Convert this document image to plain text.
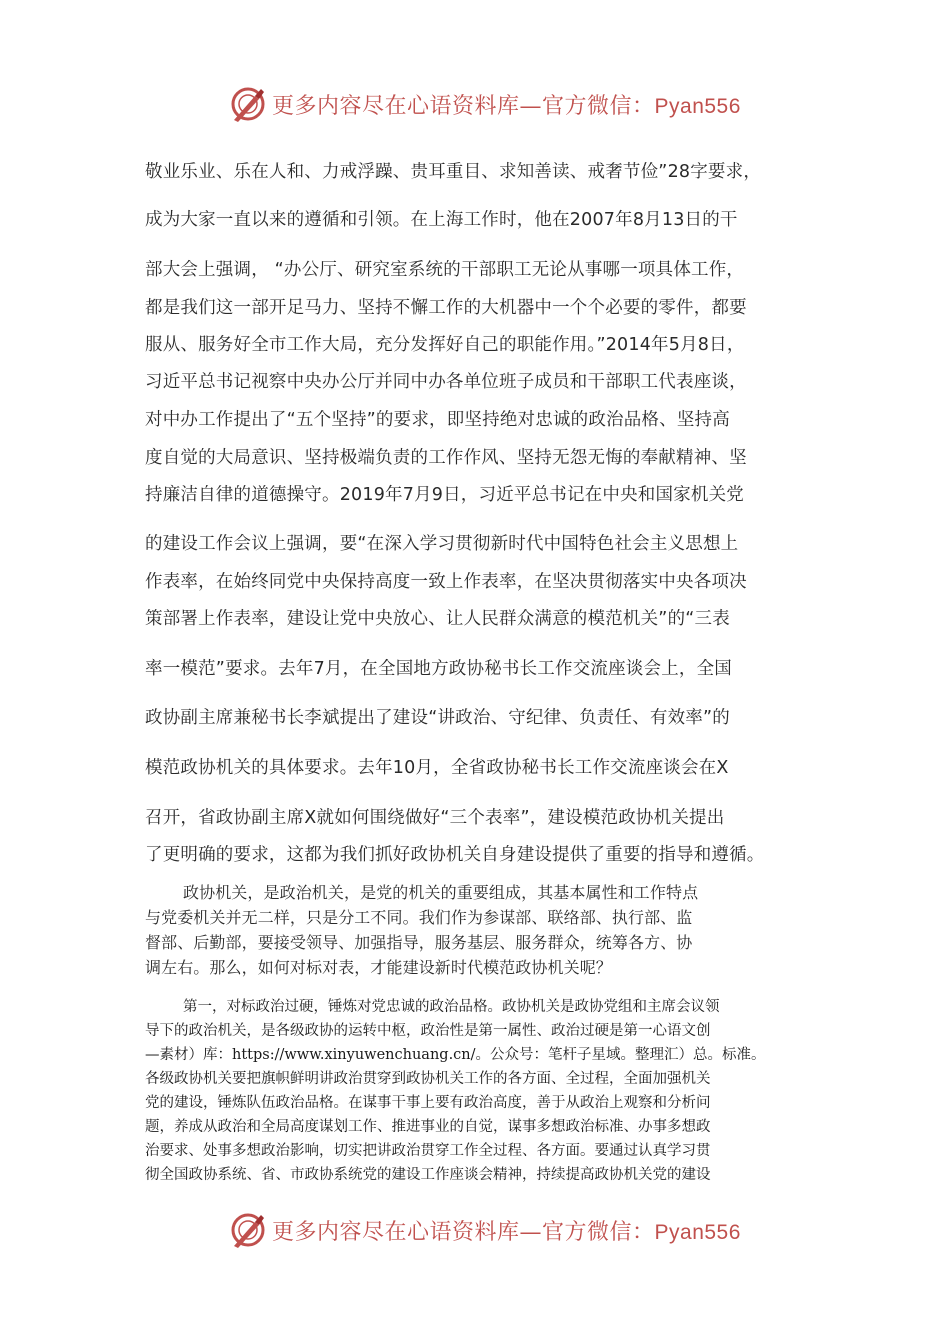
更多内容尽在心语资料库—官方微信：Pyan556
敬业乐业、乐在人和、力戒浮躁、贵耳重目、求知善读、戒奢节俭”28字要求，
成为大家一直以来的遵循和引领。在上海工作时，他在2007年8月13日的干
部大会上强调， “办公厅、研究室系统的干部职工无论从事哪一项具体工作，
都是我们这一部开足马力、坚持不懈工作的大机器中一个个必要的零件，都要
服从、服务好全市工作大局，充分发挥好自己的职能作用。”2014年5月8日，
习近平总书记视察中央办公厅并同中办各单位班子成员和干部职工代表座谈，
对中办工作提出了“五个坚持”的要求，即坚持绝对忠诚的政治品格、坚持高
度自觉的大局意识、坚持极端负责的工作作风、坚持无怨无悔的奉献精神、坚
持廉洁自律的道德操守。2019年7月9日，习近平总书记在中央和国家机关党
的建设工作会议上强调，要“在深入学习贯彻新时代中国特色社会主义思想上
作表率，在始终同党中央保持高度一致上作表率，在坚决贯彻落实中央各项决
策部署上作表率，建设让党中央放心、让人民群众满意的模范机关”的“三表
率一模范”要求。去年7月，在全国地方政协秘书长工作交流座谈会上，全国
政协副主席兼秘书长李斌提出了建设“讲政治、守纪律、负责任、有效率”的
模范政协机关的具体要求。去年10月，全省政协秘书长工作交流座谈会在X
召开，省政协副主席X就如何围绕做好“三个表率”，建设模范政协机关提出
了更明确的要求，这都为我们抓好政协机关自身建设提供了重要的指导和遵循。
政协机关，是政治机关，是党的机关的重要组成，其基本属性和工作特点
与党委机关并无二样，只是分工不同。我们作为参谋部、联络部、执行部、监
督部、后勤部，要接受领导、加强指导，服务基层、服务群众，统筹各方、协
调左右。那么，如何对标对表，才能建设新时代模范政协机关呢？
第一，对标政治过硬，锤炼对党忠诚的政治品格。政协机关是政协党组和主席会议领
导下的政治机关，是各级政协的运转中枢，政治性是第一属性、政治过硬是第一心语文创
—素材）库：https://www.xinyuwenchuang.cn/。公众号：笔杆子星域。整理汇）总。标准。
各级政协机关要把旗帜鲜明讲政治贯穿到政协机关工作的各方面、全过程，全面加强机关
党的建设，锤炼队伍政治品格。在谋事干事上要有政治高度，善于从政治上观察和分析问
题，养成从政治和全局高度谋划工作、推进事业的自觉，谋事多想政治标准、办事多想政
治要求、处事多想政治影响，切实把讲政治贯穿工作全过程、各方面。要通过认真学习贯
彻全国政协系统、省、市政协系统党的建设工作座谈会精神，持续提高政协机关党的建设
更多内容尽在心语资料库—官方微信：Pyan556
